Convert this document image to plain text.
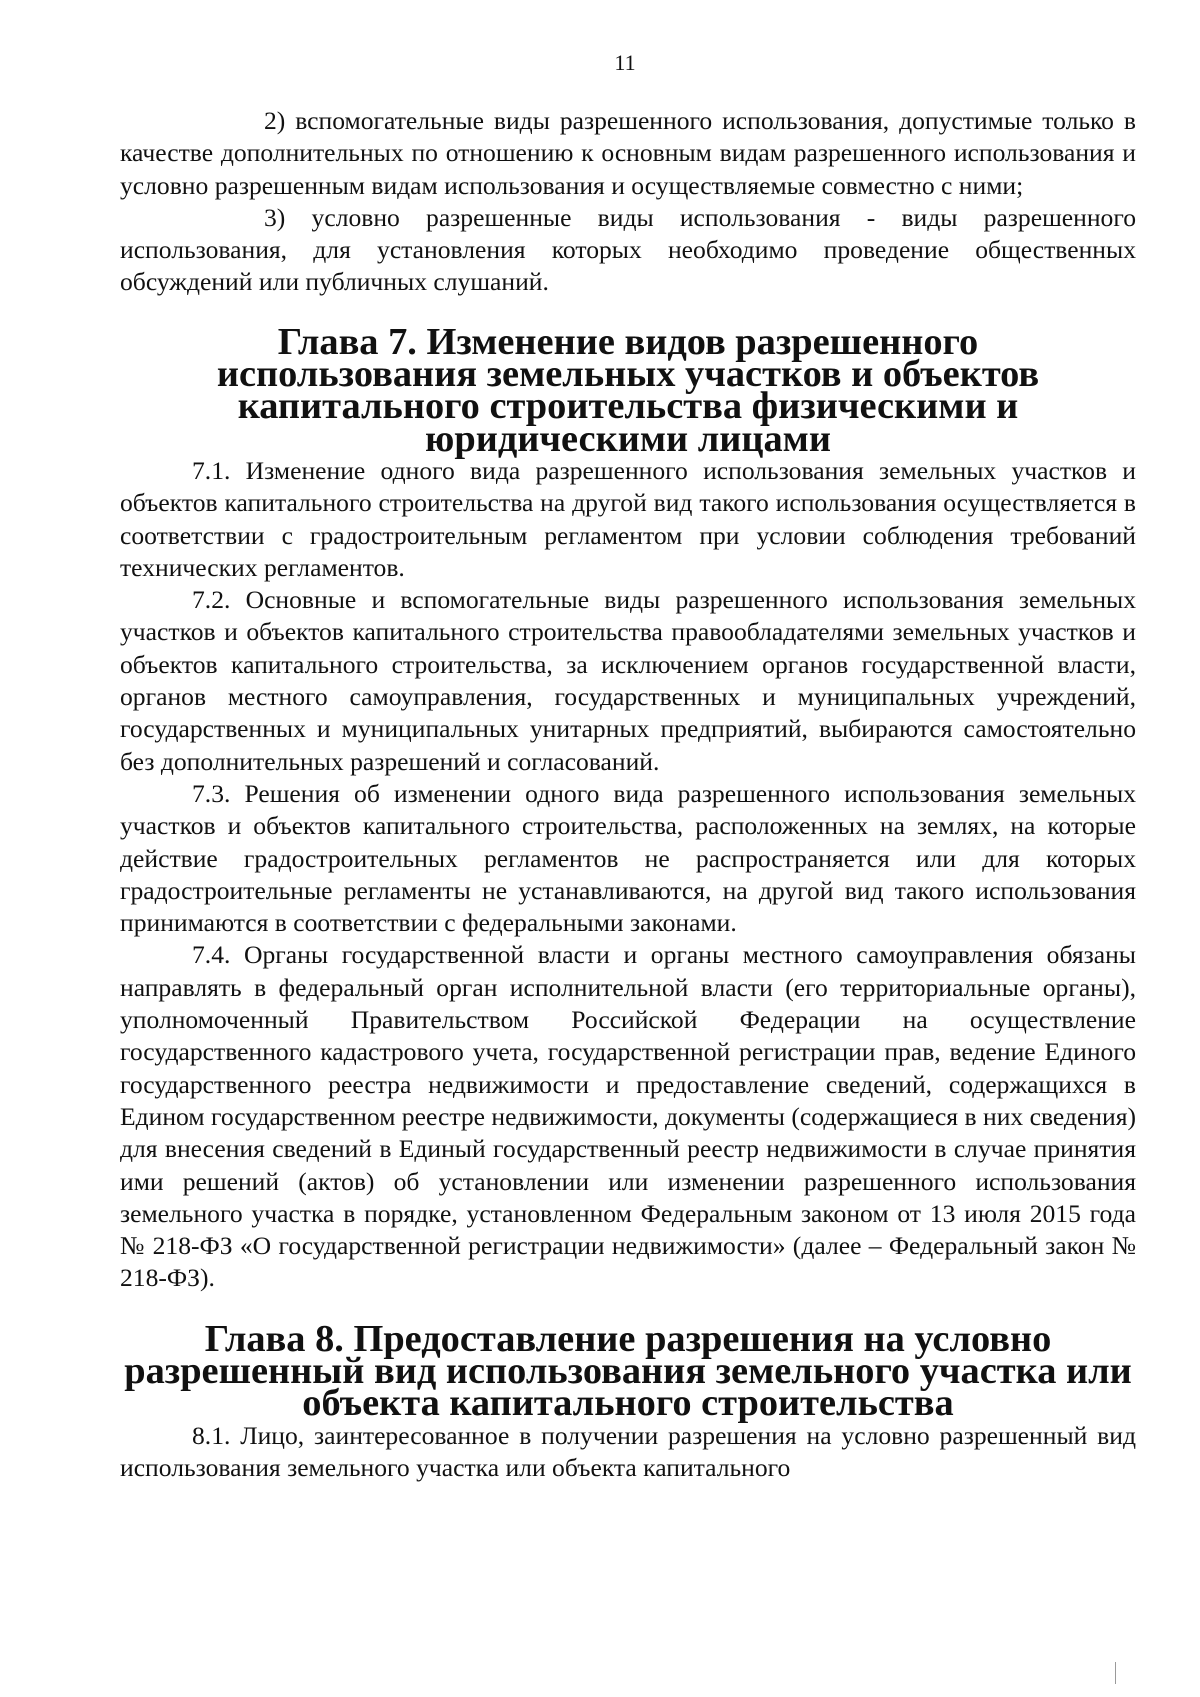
11

2) вспомогательные виды разрешенного использования, допустимые только в качестве дополнительных по отношению к основным видам разрешенного использования и условно разрешенным видам использования и осуществляемые совместно с ними;

3) условно разрешенные виды использования - виды разрешенного использования, для установления которых необходимо проведение общественных обсуждений или публичных слушаний.

Глава 7. Изменение видов разрешенного использования земельных участков и объектов капитального строительства физическими и юридическими лицами

7.1. Изменение одного вида разрешенного использования земельных участков и объектов капитального строительства на другой вид такого использования осуществляется в соответствии с градостроительным регламентом при условии соблюдения требований технических регламентов.

7.2. Основные и вспомогательные виды разрешенного использования земельных участков и объектов капитального строительства правообладателями земельных участков и объектов капитального строительства, за исключением органов государственной власти, органов местного самоуправления, государственных и муниципальных учреждений, государственных и муниципальных унитарных предприятий, выбираются самостоятельно без дополнительных разрешений и согласований.

7.3. Решения об изменении одного вида разрешенного использования земельных участков и объектов капитального строительства, расположенных на землях, на которые действие градостроительных регламентов не распространяется или для которых градостроительные регламенты не устанавливаются, на другой вид такого использования принимаются в соответствии с федеральными законами.

7.4. Органы государственной власти и органы местного самоуправления обязаны направлять в федеральный орган исполнительной власти (его территориальные органы), уполномоченный Правительством Российской Федерации на осуществление государственного кадастрового учета, государственной регистрации прав, ведение Единого государственного реестра недвижимости и предоставление сведений, содержащихся в Едином государственном реестре недвижимости, документы (содержащиеся в них сведения) для внесения сведений в Единый государственный реестр недвижимости в случае принятия ими решений (актов) об установлении или изменении разрешенного использования земельного участка в порядке, установленном Федеральным законом от 13 июля 2015 года № 218-ФЗ «О государственной регистрации недвижимости» (далее – Федеральный закон № 218-ФЗ).

Глава 8. Предоставление разрешения на условно разрешенный вид использования земельного участка или объекта капитального строительства

8.1. Лицо, заинтересованное в получении разрешения на условно разрешенный вид использования земельного участка или объекта капитального
